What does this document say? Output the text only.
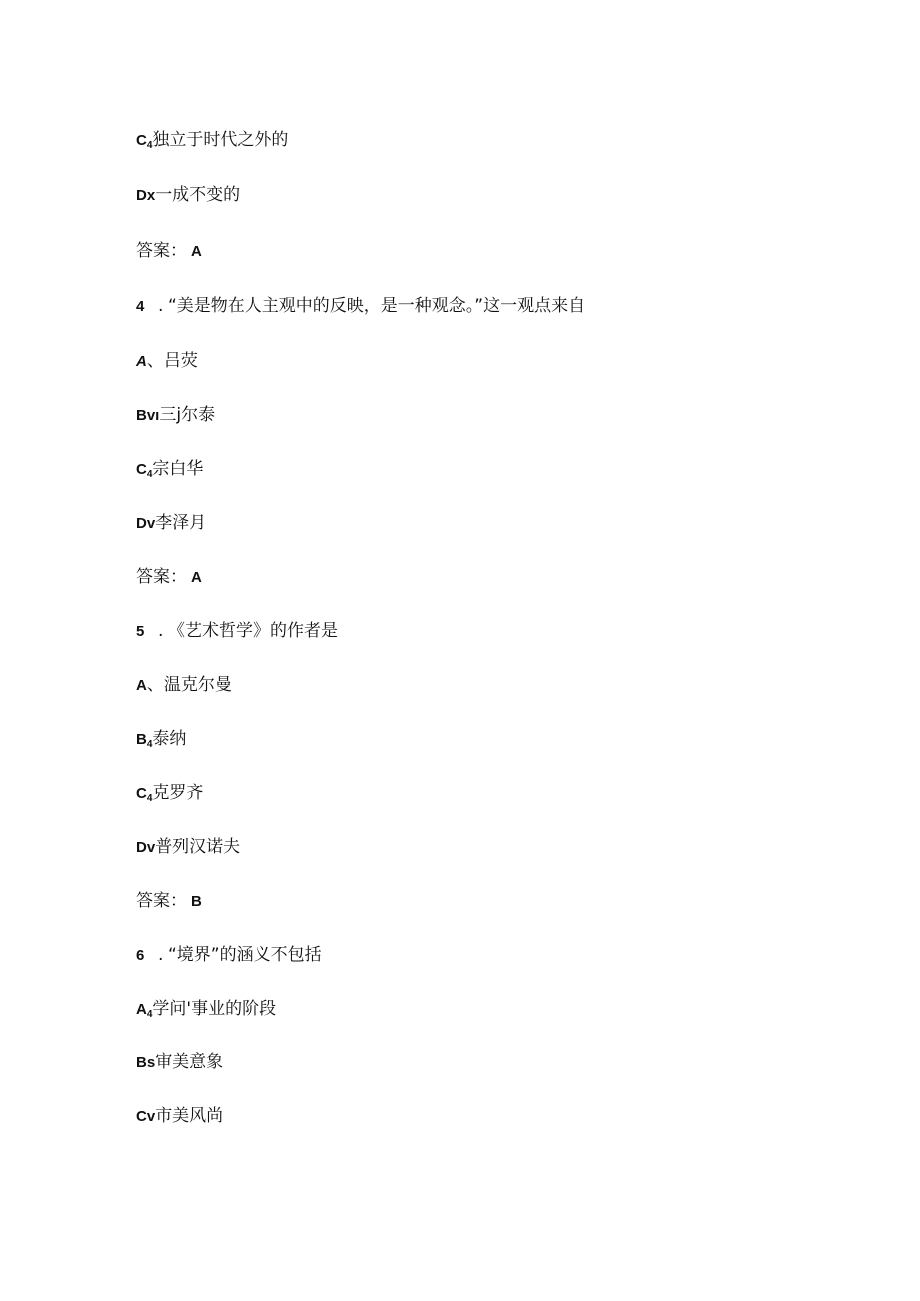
$C_4$独立于时代之外的
Dx一成不变的
答案： A
4 . “美是物在人主观中的反映，是一种观念。”这一观点来自
A、吕荧
Bvı三j尔泰
$C_4$宗白华
Dv李泽月
答案： A
5 . 《艺术哲学》的作者是
A、温克尔曼
$B_4$泰纳
$C_4$克罗齐
Dv普列汉诺夫
答案： B
6 . “境界”的涵义不包括
$A_4$学问'事业的阶段
Bs审美意象
Cv市美风尚
